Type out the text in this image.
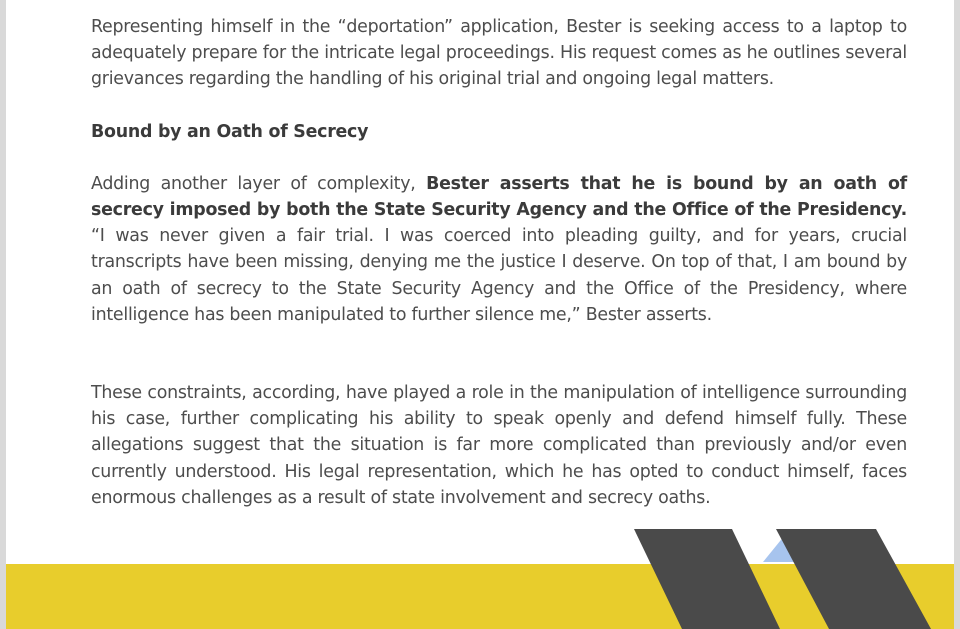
Representing himself in the “deportation” application, Bester is seeking access to a laptop to adequately prepare for the intricate legal proceedings. His request comes as he outlines several grievances regarding the handling of his original trial and ongoing legal matters.

Bound by an Oath of Secrecy

Adding another layer of complexity, Bester asserts that he is bound by an oath of secrecy imposed by both the State Security Agency and the Office of the Presidency. “I was never given a fair trial. I was coerced into pleading guilty, and for years, crucial transcripts have been missing, denying me the justice I deserve. On top of that, I am bound by an oath of secrecy to the State Security Agency and the Office of the Presidency, where intelligence has been manipulated to further silence me,” Bester asserts.

These constraints, according, have played a role in the manipulation of intelligence surrounding his case, further complicating his ability to speak openly and defend himself fully. These allegations suggest that the situation is far more complicated than previously and/or even currently understood. His legal representation, which he has opted to conduct himself, faces enormous challenges as a result of state involvement and secrecy oaths.
